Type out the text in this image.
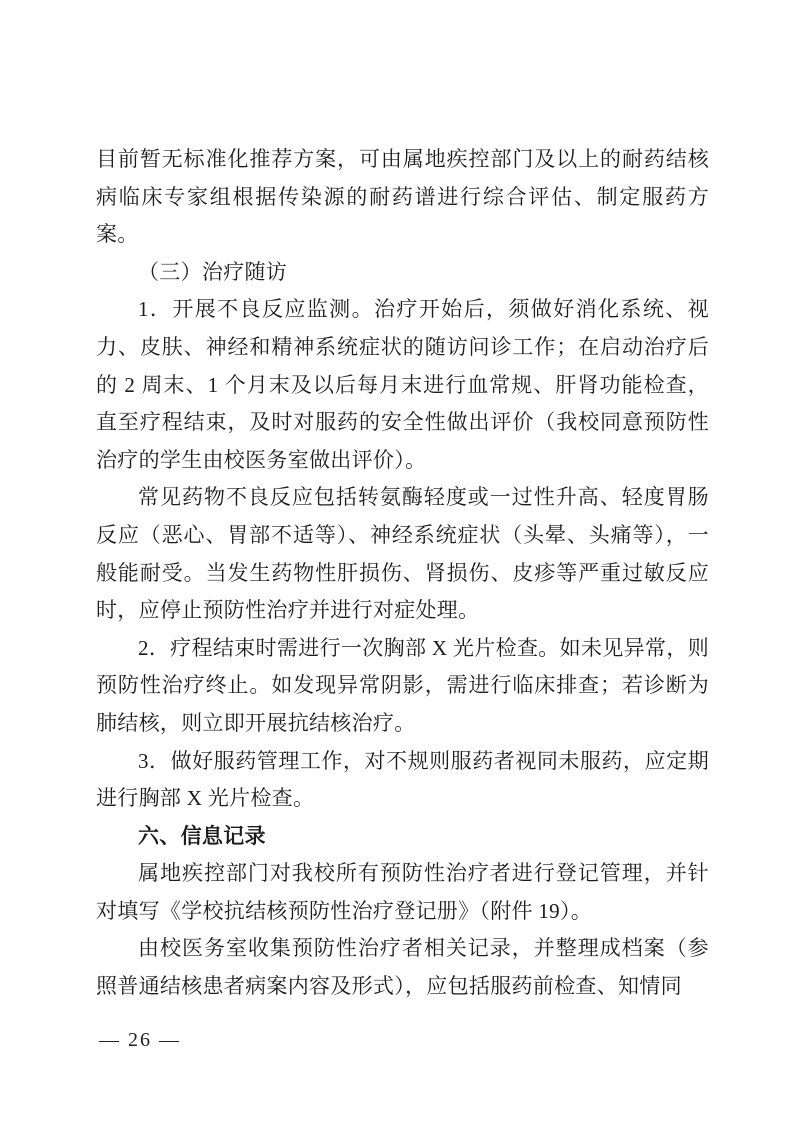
目前暂无标准化推荐方案，可由属地疾控部门及以上的耐药结核病临床专家组根据传染源的耐药谱进行综合评估、制定服药方案。

（三）治疗随访

1．开展不良反应监测。治疗开始后，须做好消化系统、视力、皮肤、神经和精神系统症状的随访问诊工作；在启动治疗后的 2 周末、1 个月末及以后每月末进行血常规、肝肾功能检查，直至疗程结束，及时对服药的安全性做出评价（我校同意预防性治疗的学生由校医务室做出评价）。

常见药物不良反应包括转氨酶轻度或一过性升高、轻度胃肠反应（恶心、胃部不适等）、神经系统症状（头晕、头痛等），一般能耐受。当发生药物性肝损伤、肾损伤、皮疹等严重过敏反应时，应停止预防性治疗并进行对症处理。

2．疗程结束时需进行一次胸部 X 光片检查。如未见异常，则预防性治疗终止。如发现异常阴影，需进行临床排查；若诊断为肺结核，则立即开展抗结核治疗。

3．做好服药管理工作，对不规则服药者视同未服药，应定期进行胸部 X 光片检查。

六、信息记录

属地疾控部门对我校所有预防性治疗者进行登记管理，并针对填写《学校抗结核预防性治疗登记册》（附件 19）。

由校医务室收集预防性治疗者相关记录，并整理成档案（参照普通结核患者病案内容及形式），应包括服药前检查、知情同

— 26 —
